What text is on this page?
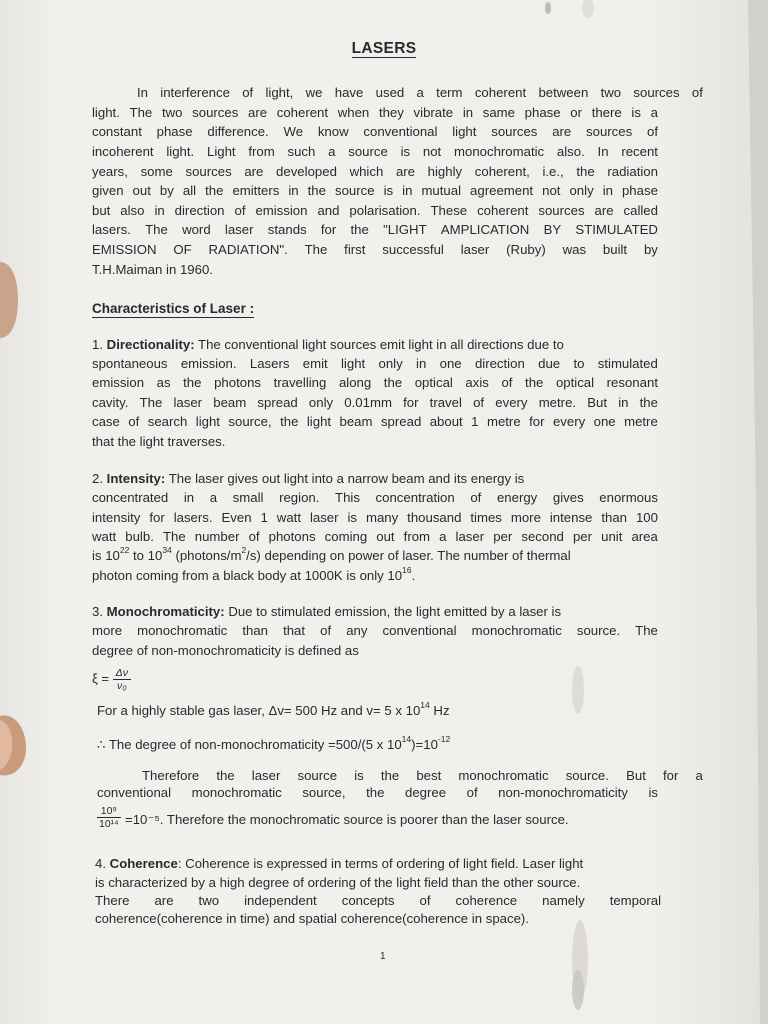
LASERS
In interference of light, we have used a term coherent between two sources of
light. The two sources are coherent when they vibrate in same phase or there is a
constant phase difference. We know conventional light sources are sources of
incoherent light. Light from such a source is not monochromatic also. In recent
years, some sources are developed which are highly coherent, i.e., the radiation
given out by all the emitters in the source is in mutual agreement not only in phase
but also in direction of emission and polarisation. These coherent sources are called
lasers. The word laser stands for the "LIGHT AMPLICATION BY STIMULATED
EMISSION OF RADIATION". The first successful laser (Ruby) was built by
T.H.Maiman in 1960.
Characteristics of Laser :
1. Directionality: The conventional light sources emit light in all directions due to
spontaneous emission. Lasers emit light only in one direction due to stimulated
emission as the photons travelling along the optical axis of the optical resonant
cavity. The laser beam spread only 0.01mm for travel of every metre. But in the
case of search light source, the light beam spread about 1 metre for every one metre
that the light traverses.
2. Intensity: The laser gives out light into a narrow beam and its energy is
concentrated in a small region. This concentration of energy gives enormous
intensity for lasers. Even 1 watt laser is many thousand times more intense than 100
watt bulb. The number of photons coming out from a laser per second per unit area
is $10^{22}$ to $10^{34}$ $(photons/m^2/s)$ depending on power of laser. The number of thermal
photon coming from a black body at 1000K is only $10^{16}$.
3. Monochromaticity: Due to stimulated emission, the light emitted by a laser is
more monochromatic than that of any conventional monochromatic source. The
degree of non-monochromaticity is defined as
$\xi = \frac{\Delta\nu}{\text{ν₀}}$
For a highly stable gas laser, Δv= 500 Hz and v= 5 x $10^{14}$ Hz
∴ The degree of non-monochromaticity =500/(5 x $10^{14})=10^{-12}$
Therefore the laser source is the best monochromatic source. But for a
conventional monochromatic source, the degree of non-monochromaticity is
$\frac{\text{10⁹}}{\text{10¹⁴}} =10^{-5}$. Therefore the monochromatic source is poorer than the laser source.
4. Coherence: Coherence is expressed in terms of ordering of light field. Laser light
is characterized by a high degree of ordering of the light field than the other source.
There are two independent concepts of coherence namely temporal
coherence(coherence in time) and spatial coherence(coherence in space).
1
